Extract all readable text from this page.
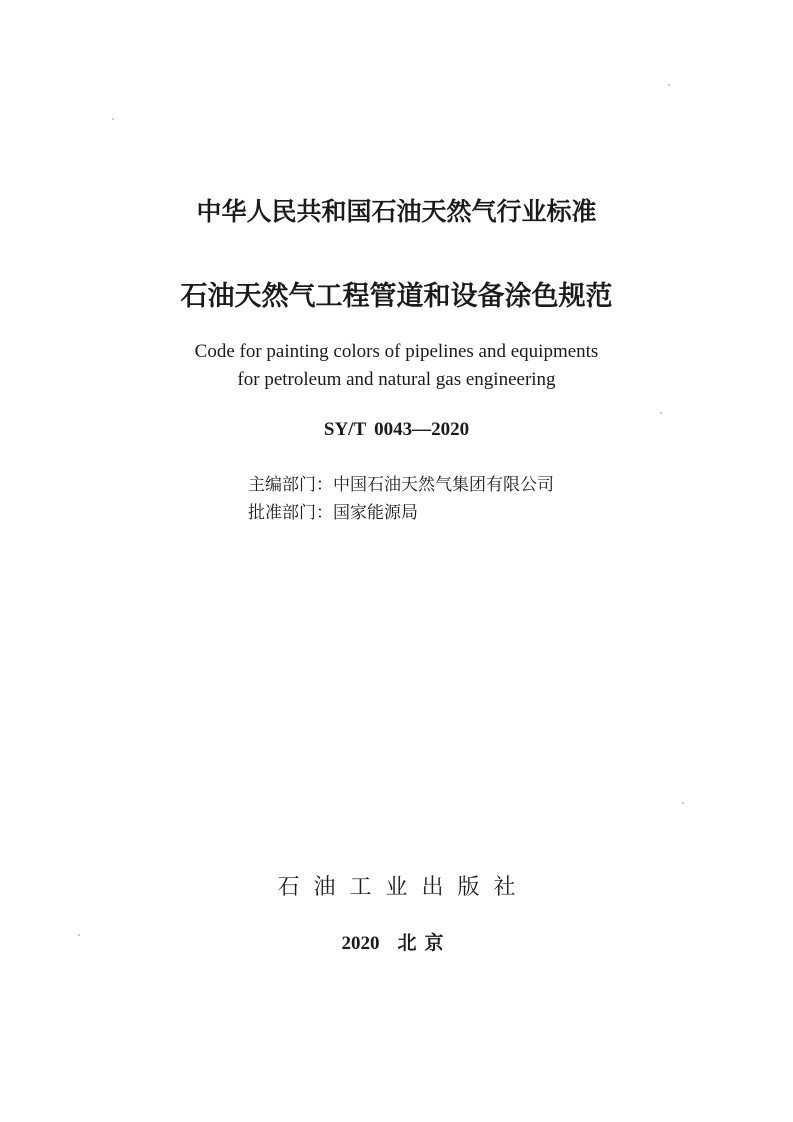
中华人民共和国石油天然气行业标准
石油天然气工程管道和设备涂色规范
Code for painting colors of pipelines and equipments
for petroleum and natural gas engineering
SY/T 0043—2020
主编部门：中国石油天然气集团有限公司
批准部门：国家能源局
石油工业出版社
2020 北京
